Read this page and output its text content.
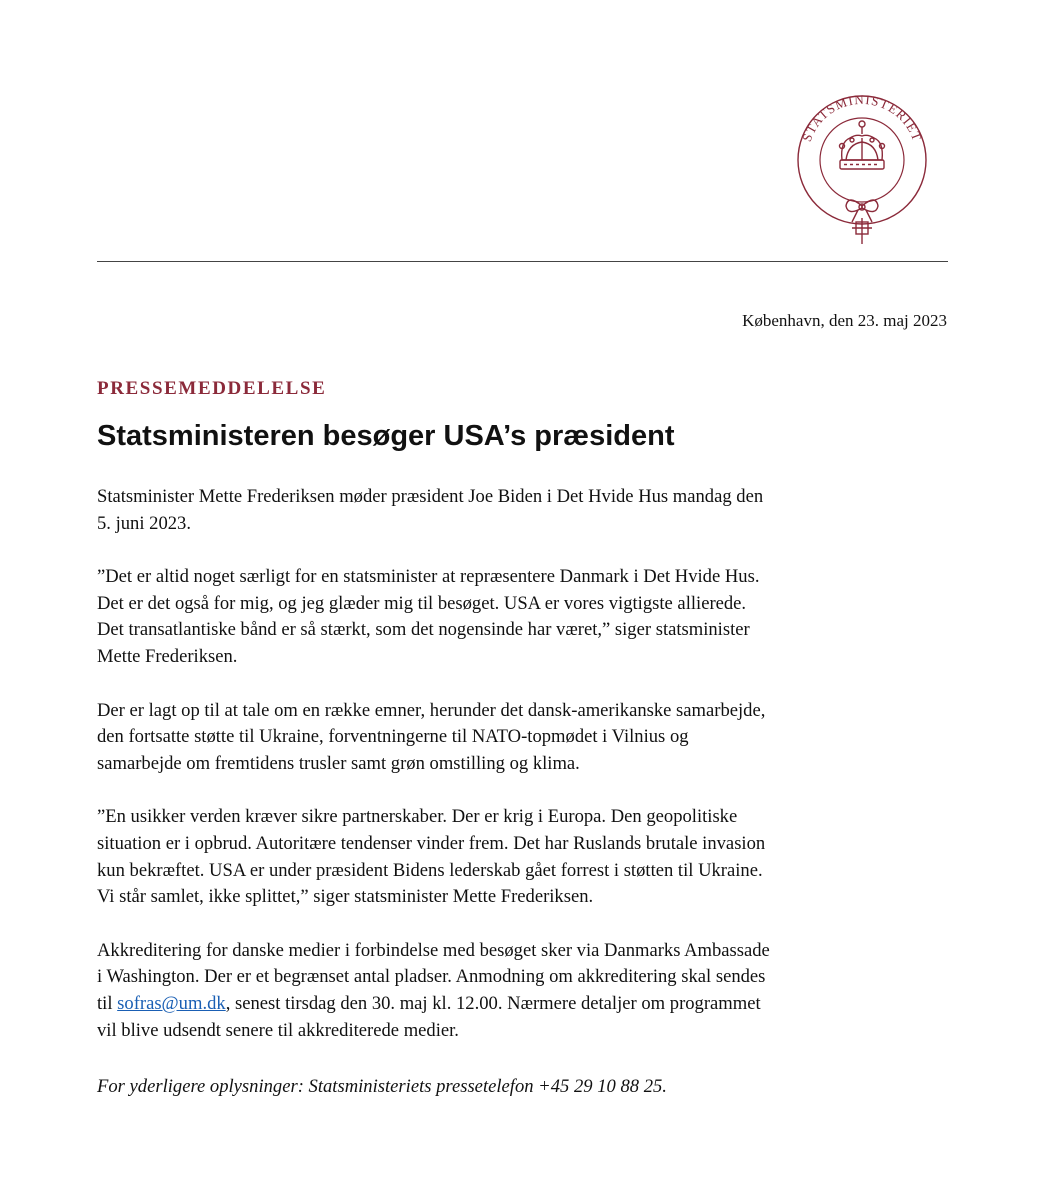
STATSMINISTERIET
København, den 23. maj 2023
PRESSEMEDDELELSE
Statsministeren besøger USA’s præsident

Statsminister Mette Frederiksen møder præsident Joe Biden i Det Hvide Hus mandag den
5. juni 2023.

”Det er altid noget særligt for en statsminister at repræsentere Danmark i Det Hvide Hus.
Det er det også for mig, og jeg glæder mig til besøget. USA er vores vigtigste allierede.
Det transatlantiske bånd er så stærkt, som det nogensinde har været,” siger statsminister
Mette Frederiksen.

Der er lagt op til at tale om en række emner, herunder det dansk-amerikanske samarbejde,
den fortsatte støtte til Ukraine, forventningerne til NATO-topmødet i Vilnius og
samarbejde om fremtidens trusler samt grøn omstilling og klima.

”En usikker verden kræver sikre partnerskaber. Der er krig i Europa. Den geopolitiske
situation er i opbrud. Autoritære tendenser vinder frem. Det har Ruslands brutale invasion
kun bekræftet. USA er under præsident Bidens lederskab gået forrest i støtten til Ukraine.
Vi står samlet, ikke splittet,” siger statsminister Mette Frederiksen.

Akkreditering for danske medier i forbindelse med besøget sker via Danmarks Ambassade
i Washington. Der er et begrænset antal pladser. Anmodning om akkreditering skal sendes
til sofras@um.dk, senest tirsdag den 30. maj kl. 12.00. Nærmere detaljer om programmet
vil blive udsendt senere til akkrediterede medier.

For yderligere oplysninger: Statsministeriets pressetelefon +45 29 10 88 25.
